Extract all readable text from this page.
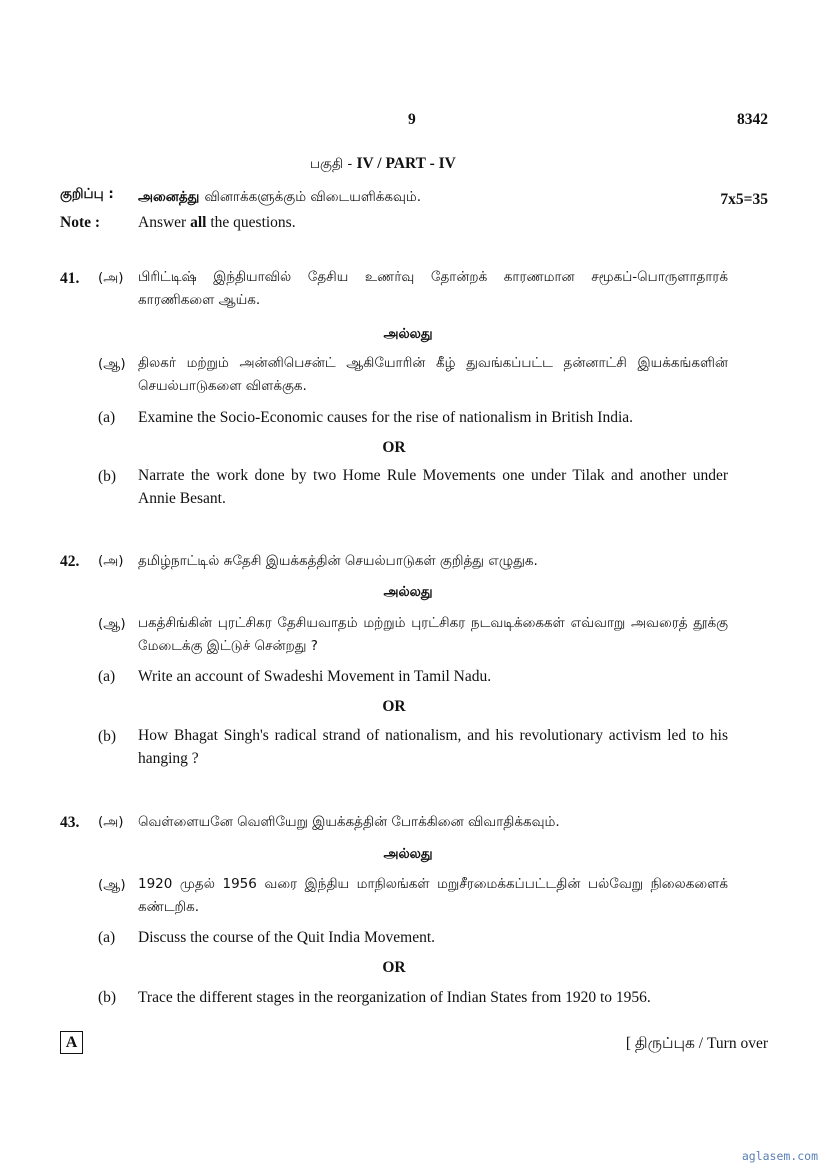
9	8342
பகுதி - IV / PART - IV
குறிப்பு : அனைத்து வினாக்களுக்கும் விடையளிக்கவும்.	7x5=35
Note : Answer all the questions.
41. (அ) பிரிட்டிஷ் இந்தியாவில் தேசிய உணர்வு தோன்றக் காரணமான சமூகப்-பொருளாதாரக் காரணிகளை ஆய்க.
அல்லது
(ஆ) திலகர் மற்றும் அன்னிபெசன்ட் ஆகியோரின் கீழ் துவங்கப்பட்ட தன்னாட்சி இயக்கங்களின் செயல்பாடுகளை விளக்குக.
(a) Examine the Socio-Economic causes for the rise of nationalism in British India.
OR
(b) Narrate the work done by two Home Rule Movements one under Tilak and another under Annie Besant.
42. (அ) தமிழ்நாட்டில் சுதேசி இயக்கத்தின் செயல்பாடுகள் குறித்து எழுதுக.
அல்லது
(ஆ) பகத்சிங்கின் புரட்சிகர தேசியவாதம் மற்றும் புரட்சிகர நடவடிக்கைகள் எவ்வாறு அவரைத் தூக்கு மேடைக்கு இட்டுச் சென்றது ?
(a) Write an account of Swadeshi Movement in Tamil Nadu.
OR
(b) How Bhagat Singh's radical strand of nationalism, and his revolutionary activism led to his hanging ?
43. (அ) வெள்ளையனே வெளியேறு இயக்கத்தின் போக்கினை விவாதிக்கவும்.
அல்லது
(ஆ) 1920 முதல் 1956 வரை இந்திய மாநிலங்கள் மறுசீரமைக்கப்பட்டதின் பல்வேறு நிலைகளைக் கண்டறிக.
(a) Discuss the course of the Quit India Movement.
OR
(b) Trace the different stages in the reorganization of Indian States from 1920 to 1956.
A	[ திருப்புக / Turn over
aglasem.com
